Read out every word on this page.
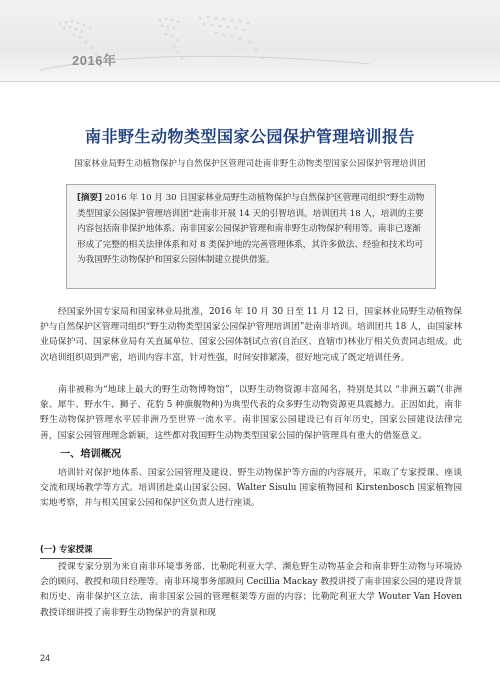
2016年
南非野生动物类型国家公园保护管理培训报告
国家林业局野生动植物保护与自然保护区管理司赴南非野生动物类型国家公园保护管理培训团
[摘要] 2016 年 10 月 30 日国家林业局野生动植物保护与自然保护区管理司组织“野生动物类型国家公园保护管理培训团”赴南非开展 14 天的引智培训。培训团共 18 人，培训的主要内容包括南非保护地体系、南非国家公园保护管理和南非野生动物保护利用等。南非已逐渐形成了完整的相关法律体系和对 8 类保护地的完善管理体系，其许多做法、经验和技术均可为我国野生动物保护和国家公园体制建立提供借鉴。
经国家外国专家局和国家林业局批准，2016 年 10 月 30 日至 11 月 12 日，国家林业局野生动植物保护与自然保护区管理司组织“野生动物类型国家公园保护管理培训团”赴南非培训。培训团共 18 人，由国家林业局保护司、国家林业局有关直属单位、国家公园体制试点省(自治区、直辖市)林业厅相关负责同志组成。此次培训组织周到严密，培训内容丰富，针对性强，时间安排紧凑，很好地完成了既定培训任务。
南非被称为“地球上最大的野生动物博物馆”，以野生动物资源丰富闻名，特别是其以 “非洲五霸”(非洲象、犀牛、野水牛、狮子、花豹 5 种旗舰物种)为典型代表的众多野生动物资源更具震撼力。正因如此，南非野生动物保护管理水平居非洲乃至世界一流水平。南非国家公园建设已有百年历史，国家公园建设法律完善，国家公园管理理念新颖，这些都对我国野生动物类型国家公园的保护管理具有重大的借鉴意义。
一、培训概况
培训针对保护地体系、国家公园管理及建设、野生动物保护等方面的内容展开，采取了专家授课、座谈交流和现场教学等方式。培训团赴桌山国家公园、Walter Sisulu 国家植物园和 Kirstenbosch 国家植物园实地考察，并与相关国家公园和保护区负责人进行座谈。
(一) 专家授课
授课专家分别为来自南非环境事务部、比勒陀利亚大学、濒危野生动物基金会和南非野生动物与环境协会的顾问、教授和项目经理等。南非环境事务部顾问 Cecillia Mackay 教授讲授了南非国家公园的建设背景和历史、南非保护区立法、南非国家公园的管理框架等方面的内容；比勒陀利亚大学 Wouter Van Hoven 教授详细讲授了南非野生动物保护的背景和现
24
